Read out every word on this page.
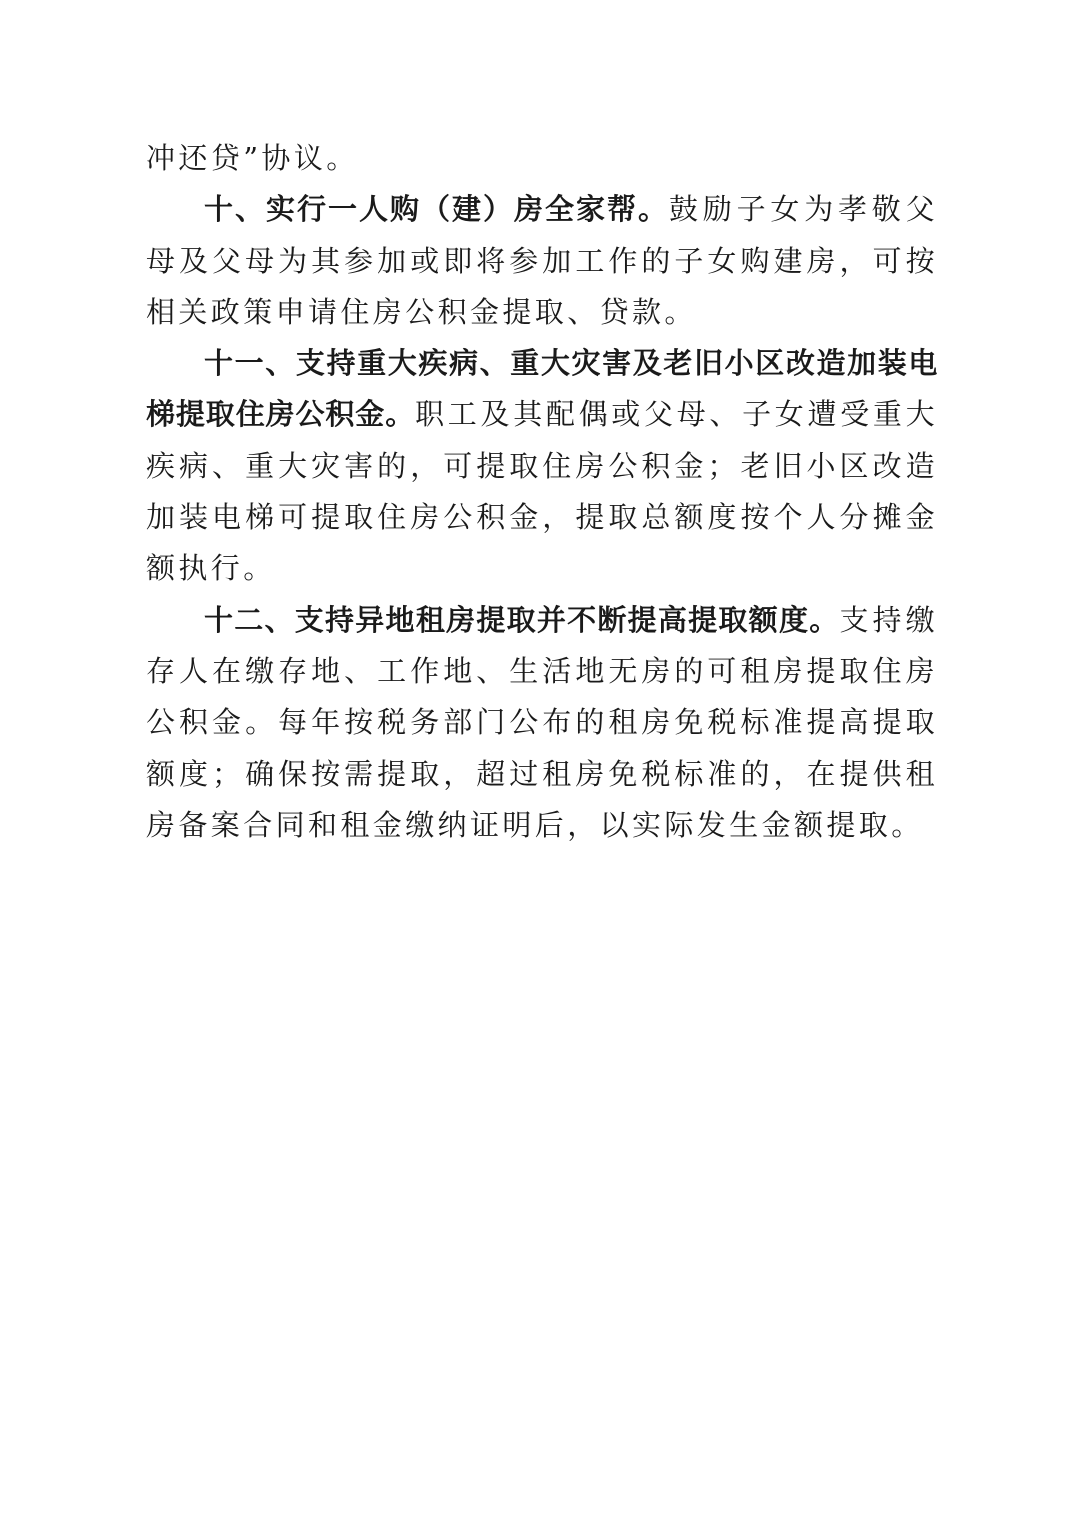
冲还贷”协议。

十、实行一人购（建）房全家帮。鼓励子女为孝敬父母及父母为其参加或即将参加工作的子女购建房，可按相关政策申请住房公积金提取、贷款。

十一、支持重大疾病、重大灾害及老旧小区改造加装电梯提取住房公积金。职工及其配偶或父母、子女遭受重大疾病、重大灾害的，可提取住房公积金；老旧小区改造加装电梯可提取住房公积金，提取总额度按个人分摊金额执行。

十二、支持异地租房提取并不断提高提取额度。支持缴存人在缴存地、工作地、生活地无房的可租房提取住房公积金。每年按税务部门公布的租房免税标准提高提取额度；确保按需提取，超过租房免税标准的，在提供租房备案合同和租金缴纳证明后，以实际发生金额提取。
